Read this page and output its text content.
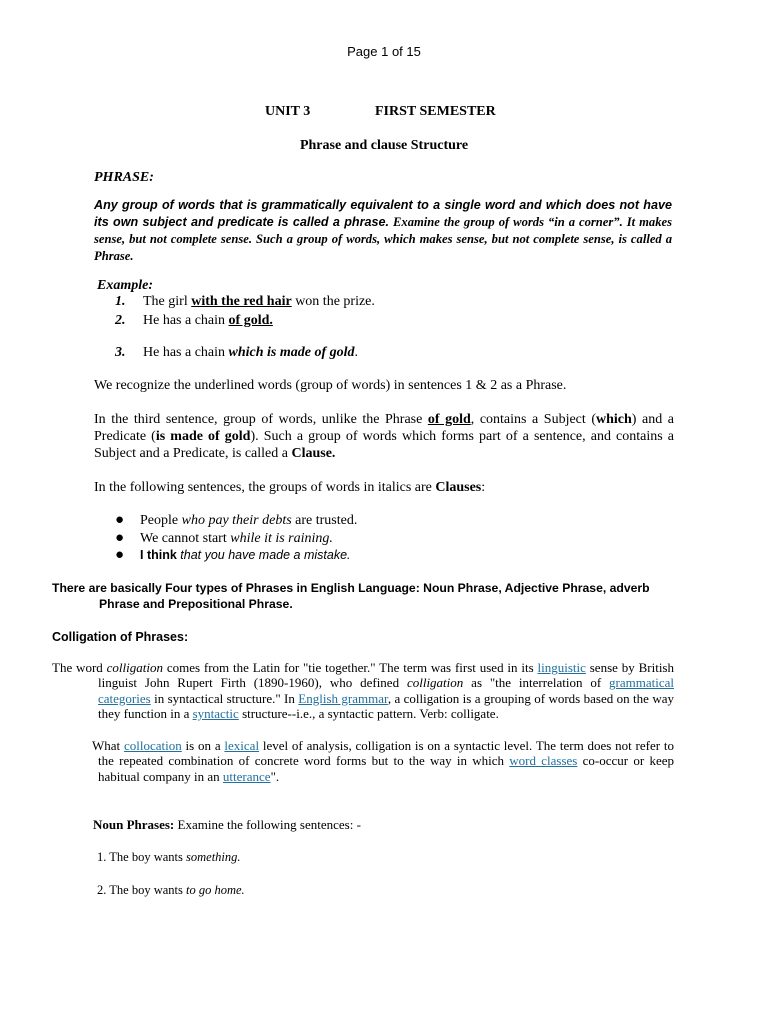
Page 1 of 15
UNIT 3	FIRST SEMESTER
Phrase and clause Structure
PHRASE:

Any group of words that is grammatically equivalent to a single word and which does not have its own subject and predicate is called a phrase. Examine the group of words “in a corner”. It makes sense, but not complete sense. Such a group of words, which makes sense, but not complete sense, is called a Phrase.

Example:
1. The girl with the red hair won the prize.
2. He has a chain of gold.
3. He has a chain which is made of gold.
We recognize the underlined words (group of words) in sentences 1 & 2 as a Phrase.

In the third sentence, group of words, unlike the Phrase of gold, contains a Subject (which) and a Predicate (is made of gold). Such a group of words which forms part of a sentence, and contains a Subject and a Predicate, is called a Clause.

In the following sentences, the groups of words in italics are Clauses:
● People who pay their debts are trusted.
● We cannot start while it is raining.
● I think that you have made a mistake.
There are basically Four types of Phrases in English Language: Noun Phrase, Adjective Phrase, adverb
Phrase and Prepositional Phrase.
Colligation of Phrases:
The word colligation comes from the Latin for "tie together." The term was first used in its linguistic sense by British linguist John Rupert Firth (1890-1960), who defined colligation as "the interrelation of grammatical categories in syntactical structure." In English grammar, a colligation is a grouping of words based on the way they function in a syntactic structure--i.e., a syntactic pattern. Verb: colligate.
What collocation is on a lexical level of analysis, colligation is on a syntactic level. The term does not refer to the repeated combination of concrete word forms but to the way in which word classes co-occur or keep habitual company in an utterance".
Noun Phrases: Examine the following sentences: -
1. The boy wants something.
2. The boy wants to go home.
